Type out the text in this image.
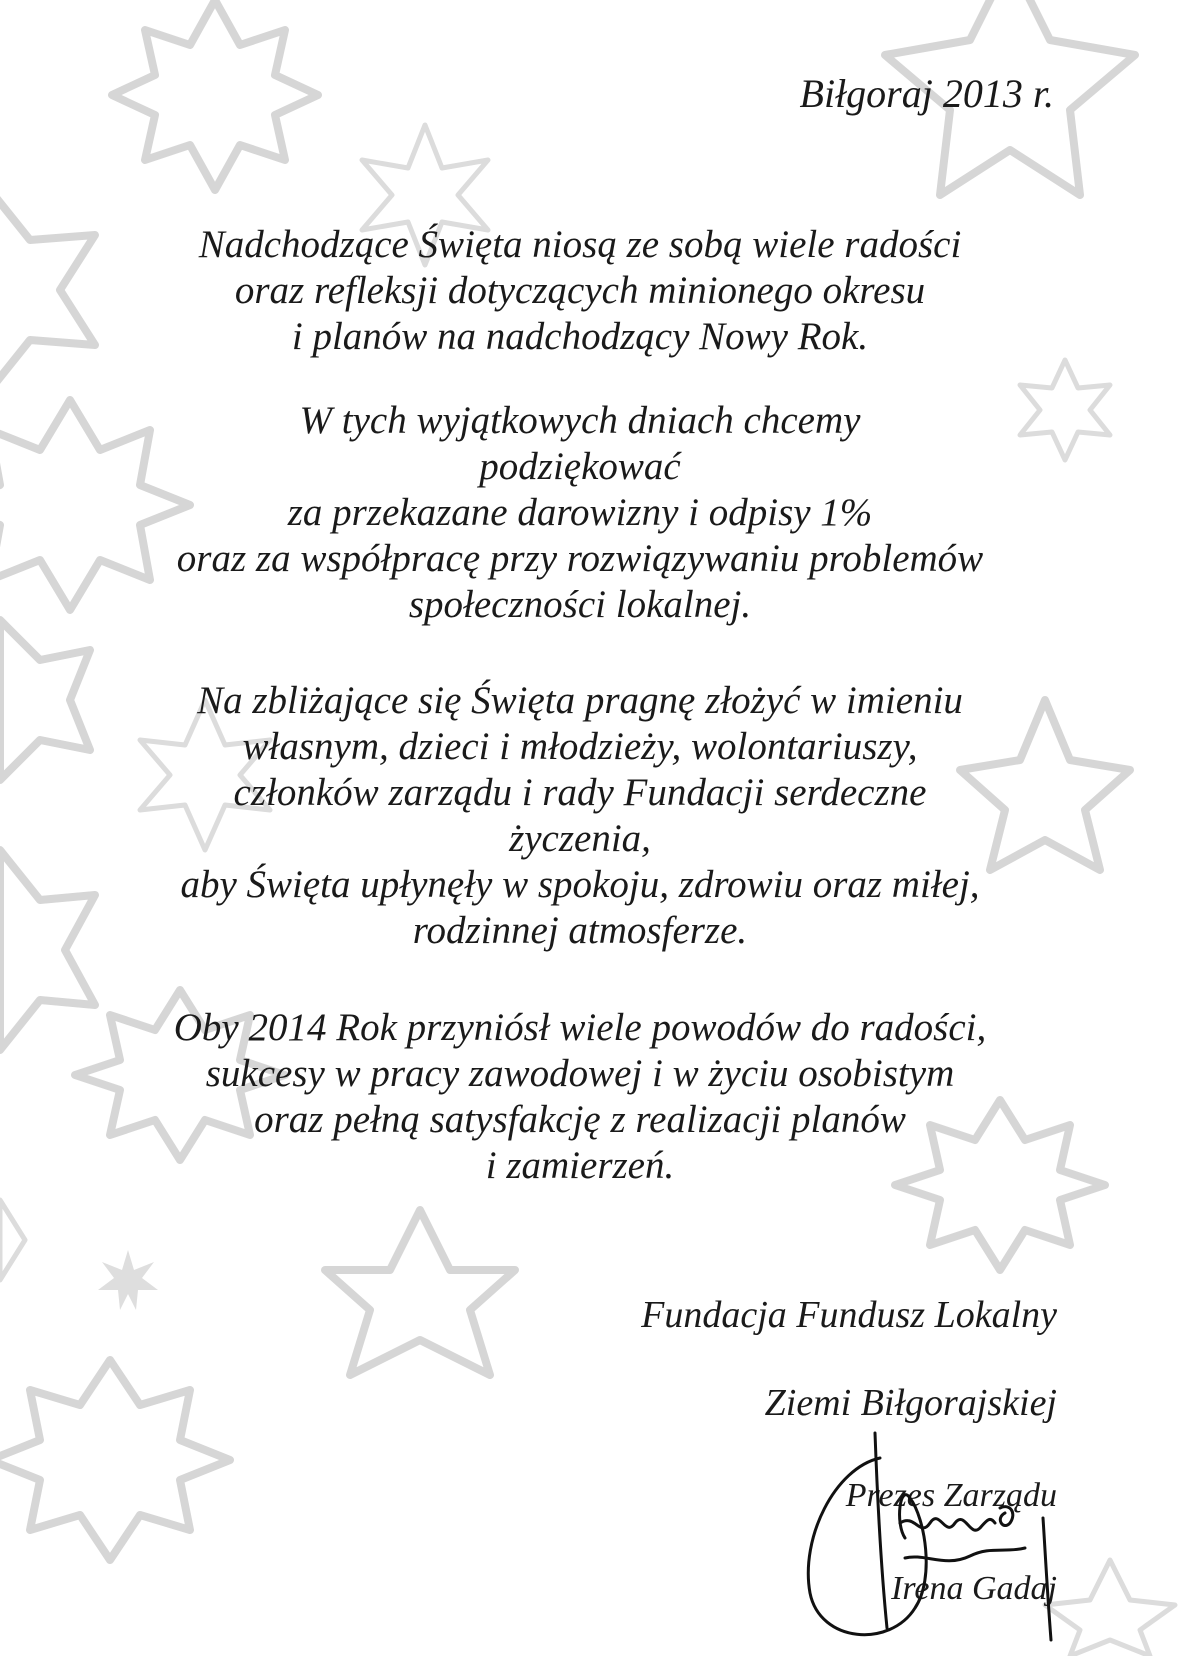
Biłgoraj 2013 r.
Nadchodzące Święta niosą ze sobą wiele radości
oraz refleksji dotyczących minionego okresu
i planów na nadchodzący Nowy Rok.
W tych wyjątkowych dniach chcemy
podziękować
za przekazane darowizny i odpisy 1%
oraz za współpracę przy rozwiązywaniu problemów
społeczności lokalnej.
Na zbliżające się Święta pragnę złożyć w imieniu
własnym, dzieci i młodzieży, wolontariuszy,
członków zarządu i rady Fundacji serdeczne
życzenia,
aby Święta upłynęły w spokoju, zdrowiu oraz miłej,
rodzinnej atmosferze.
Oby 2014 Rok przyniósł wiele powodów do radości,
sukcesy w pracy zawodowej i w życiu osobistym
oraz pełną satysfakcję z realizacji planów
i zamierzeń.
Fundacja Fundusz Lokalny
Ziemi Biłgorajskiej
Prezes Zarządu
Irena Gadaj
